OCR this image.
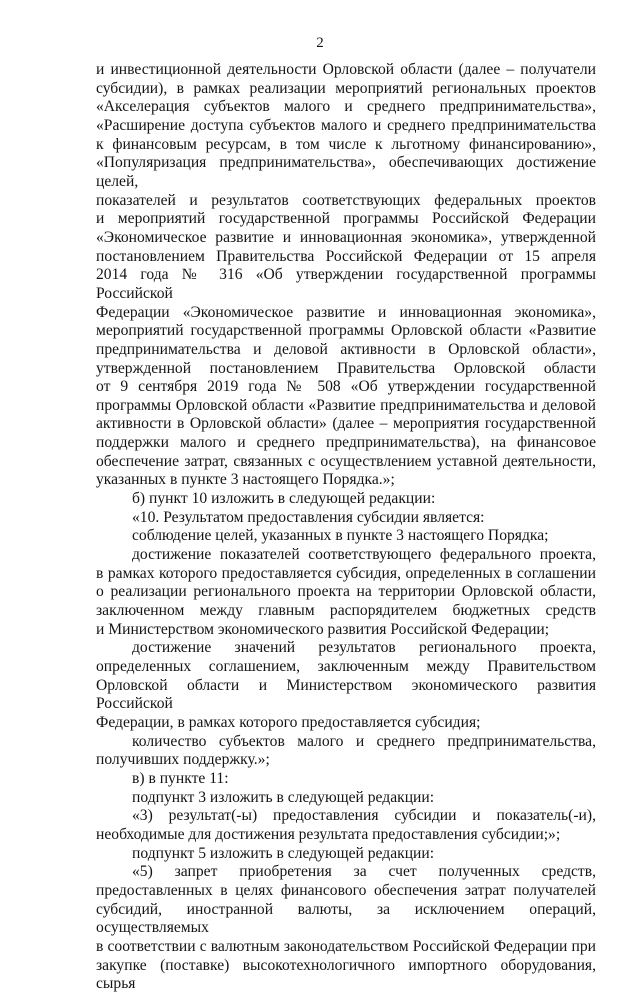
2

и инвестиционной деятельности Орловской области (далее – получатели

субсидии), в рамках реализации мероприятий региональных проектов

«Акселерация субъектов малого и среднего предпринимательства»,

«Расширение доступа субъектов малого и среднего предпринимательства

к финансовым ресурсам, в том числе к льготному финансированию»,

«Популяризация предпринимательства», обеспечивающих достижение целей,

показателей и результатов соответствующих федеральных проектов

и мероприятий государственной программы Российской Федерации

«Экономическое развитие и инновационная экономика», утвержденной

постановлением Правительства Российской Федерации от 15 апреля

2014 года № 316 «Об утверждении государственной программы Российской

Федерации «Экономическое развитие и инновационная экономика»,

мероприятий государственной программы Орловской области «Развитие

предпринимательства и деловой активности в Орловской области»,

утвержденной постановлением Правительства Орловской области

от 9 сентября 2019 года № 508 «Об утверждении государственной

программы Орловской области «Развитие предпринимательства и деловой

активности в Орловской области» (далее – мероприятия государственной

поддержки малого и среднего предпринимательства), на финансовое

обеспечение затрат, связанных с осуществлением уставной деятельности,

указанных в пункте 3 настоящего Порядка.»;

б) пункт 10 изложить в следующей редакции:

«10. Результатом предоставления субсидии является:

соблюдение целей, указанных в пункте 3 настоящего Порядка;

достижение показателей соответствующего федерального проекта,

в рамках которого предоставляется субсидия, определенных в соглашении

о реализации регионального проекта на территории Орловской области,

заключенном между главным распорядителем бюджетных средств

и Министерством экономического развития Российской Федерации;

достижение значений результатов регионального проекта,

определенных соглашением, заключенным между Правительством

Орловской области и Министерством экономического развития Российской

Федерации, в рамках которого предоставляется субсидия;

количество субъектов малого и среднего предпринимательства,

получивших поддержку.»;

в) в пункте 11:

подпункт 3 изложить в следующей редакции:

«3) результат(-ы) предоставления субсидии и показатель(-и),

необходимые для достижения результата предоставления субсидии;»;

подпункт 5 изложить в следующей редакции:

«5) запрет приобретения за счет полученных средств,

предоставленных в целях финансового обеспечения затрат получателей

субсидий, иностранной валюты, за исключением операций, осуществляемых

в соответствии с валютным законодательством Российской Федерации при

закупке (поставке) высокотехнологичного импортного оборудования, сырья
